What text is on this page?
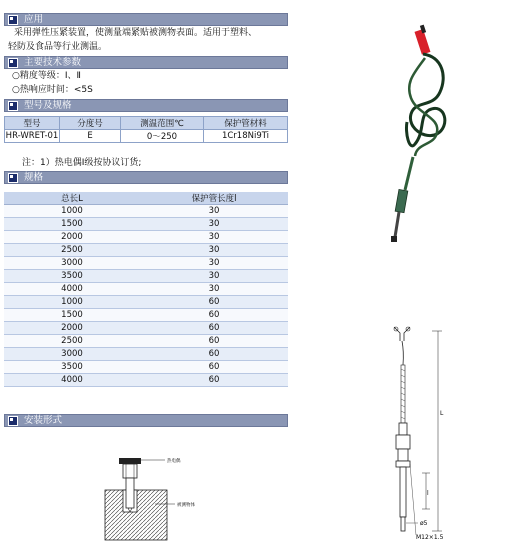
应用
采用弹性压紧装置，使测量端紧贴被测物表面。适用于塑料、
轻防及食品等行业测温。
主要技术参数
○精度等级：Ⅰ、Ⅱ
○热响应时间：<5S
型号及规格
型号	分度号	测温范围℃	保护管材料
HR-WRET-01	E	0～250	1Cr18Ni9Ti
注：1）热电偶Ⅰ级按协议订货;
规格
总长L	保护管长度l
1000	30
1500	30
2000	30
2500	30
3000	30
3500	30
4000	30
1000	60
1500	60
2000	60
2500	60
3000	60
3500	60
4000	60
安装形式
热电偶
被测物体
L
l
ø5
M12×1.5
